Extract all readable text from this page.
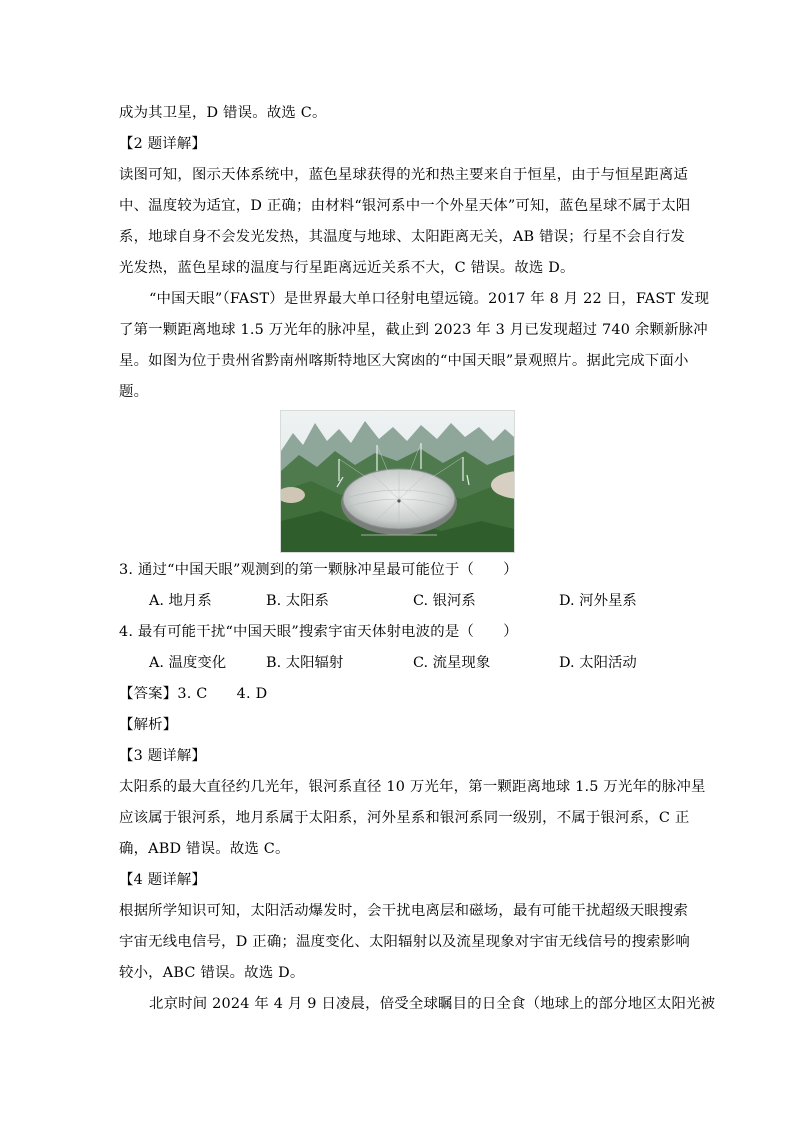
成为其卫星，D 错误。故选 C。
【2 题详解】
读图可知，图示天体系统中，蓝色星球获得的光和热主要来自于恒星，由于与恒星距离适
中、温度较为适宜，D 正确；由材料“银河系中一个外星天体”可知，蓝色星球不属于太阳
系，地球自身不会发光发热，其温度与地球、太阳距离无关，AB 错误；行星不会自行发
光发热，蓝色星球的温度与行星距离远近关系不大，C 错误。故选 D。
“中国天眼”（FAST）是世界最大单口径射电望远镜。2017 年 8 月 22 日，FAST 发现
了第一颗距离地球 1.5 万光年的脉冲星，截止到 2023 年 3 月已发现超过 740 余颗新脉冲
星。如图为位于贵州省黔南州喀斯特地区大窝凼的“中国天眼”景观照片。据此完成下面小
题。
3. 通过“中国天眼”观测到的第一颗脉冲星最可能位于（　　）
A. 地月系	B. 太阳系	C. 银河系	D. 河外星系
4. 最有可能干扰“中国天眼”搜索宇宙天体射电波的是（　　）
A. 温度变化	B. 太阳辐射	C. 流星现象	D. 太阳活动
【答案】3. C　　4. D
【解析】
【3 题详解】
太阳系的最大直径约几光年，银河系直径 10 万光年，第一颗距离地球 1.5 万光年的脉冲星
应该属于银河系，地月系属于太阳系，河外星系和银河系同一级别，不属于银河系，C 正
确，ABD 错误。故选 C。
【4 题详解】
根据所学知识可知，太阳活动爆发时，会干扰电离层和磁场，最有可能干扰超级天眼搜索
宇宙无线电信号，D 正确；温度变化、太阳辐射以及流星现象对宇宙无线信号的搜索影响
较小，ABC 错误。故选 D。
北京时间 2024 年 4 月 9 日凌晨，倍受全球瞩目的日全食（地球上的部分地区太阳光被
